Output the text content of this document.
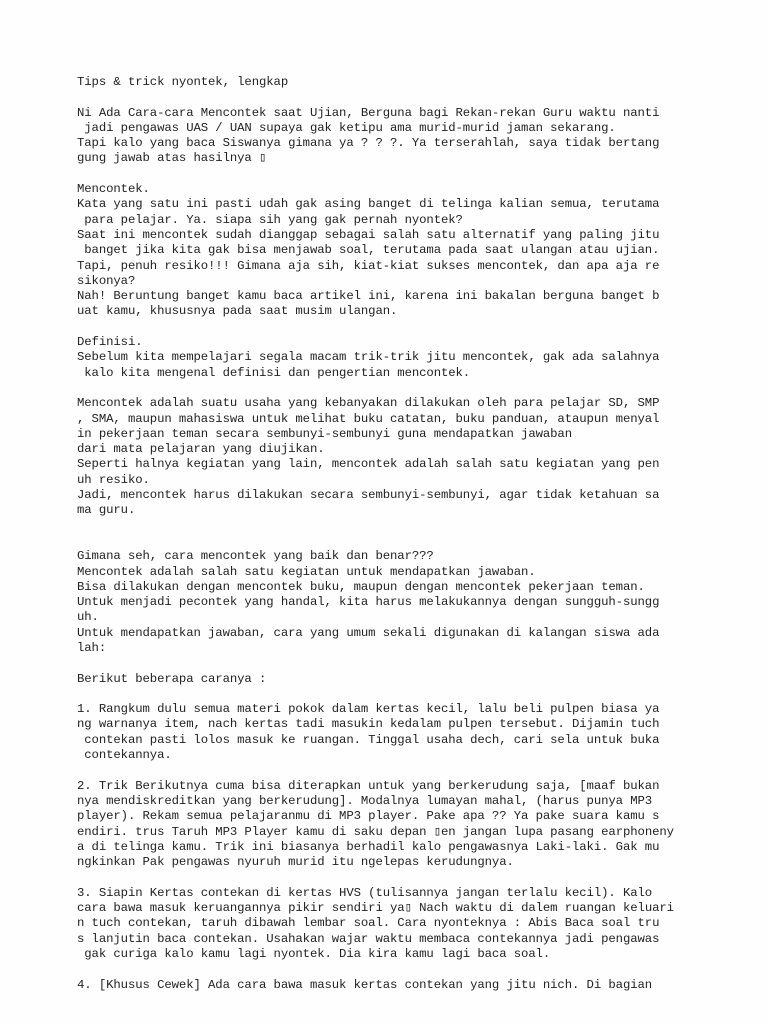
Tips & trick nyontek, lengkap
Ni Ada Cara-cara Mencontek saat Ujian, Berguna bagi Rekan-rekan Guru waktu nanti
jadi pengawas UAS / UAN supaya gak ketipu ama murid-murid jaman sekarang.
Tapi kalo yang baca Siswanya gimana ya ? ? ?. Ya terserahlah, saya tidak bertang
gung jawab atas hasilnya ▯
Mencontek.
Kata yang satu ini pasti udah gak asing banget di telinga kalian semua, terutama
para pelajar. Ya. siapa sih yang gak pernah nyontek?
Saat ini mencontek sudah dianggap sebagai salah satu alternatif yang paling jitu
banget jika kita gak bisa menjawab soal, terutama pada saat ulangan atau ujian.
Tapi, penuh resiko!!! Gimana aja sih, kiat-kiat sukses mencontek, dan apa aja re
sikonya?
Nah! Beruntung banget kamu baca artikel ini, karena ini bakalan berguna banget b
uat kamu, khususnya pada saat musim ulangan.
Definisi.
Sebelum kita mempelajari segala macam trik-trik jitu mencontek, gak ada salahnya
kalo kita mengenal definisi dan pengertian mencontek.
Mencontek adalah suatu usaha yang kebanyakan dilakukan oleh para pelajar SD, SMP
, SMA, maupun mahasiswa untuk melihat buku catatan, buku panduan, ataupun menyal
in pekerjaan teman secara sembunyi-sembunyi guna mendapatkan jawaban
dari mata pelajaran yang diujikan.
Seperti halnya kegiatan yang lain, mencontek adalah salah satu kegiatan yang pen
uh resiko.
Jadi, mencontek harus dilakukan secara sembunyi-sembunyi, agar tidak ketahuan sa
ma guru.
Gimana seh, cara mencontek yang baik dan benar???
Mencontek adalah salah satu kegiatan untuk mendapatkan jawaban.
Bisa dilakukan dengan mencontek buku, maupun dengan mencontek pekerjaan teman.
Untuk menjadi pecontek yang handal, kita harus melakukannya dengan sungguh-sungg
uh.
Untuk mendapatkan jawaban, cara yang umum sekali digunakan di kalangan siswa ada
lah:
Berikut beberapa caranya :
1. Rangkum dulu semua materi pokok dalam kertas kecil, lalu beli pulpen biasa ya
ng warnanya item, nach kertas tadi masukin kedalam pulpen tersebut. Dijamin tuch
contekan pasti lolos masuk ke ruangan. Tinggal usaha dech, cari sela untuk buka
contekannya.
2. Trik Berikutnya cuma bisa diterapkan untuk yang berkerudung saja, [maaf bukan
nya mendiskreditkan yang berkerudung]. Modalnya lumayan mahal, (harus punya MP3
player). Rekam semua pelajaranmu di MP3 player. Pake apa ?? Ya pake suara kamu s
endiri. trus Taruh MP3 Player kamu di saku depan ▯en jangan lupa pasang earphoneny
a di telinga kamu. Trik ini biasanya berhadil kalo pengawasnya Laki-laki. Gak mu
ngkinkan Pak pengawas nyuruh murid itu ngelepas kerudungnya.
3. Siapin Kertas contekan di kertas HVS (tulisannya jangan terlalu kecil). Kalo
cara bawa masuk keruangannya pikir sendiri ya▯ Nach waktu di dalem ruangan keluari
n tuch contekan, taruh dibawah lembar soal. Cara nyonteknya : Abis Baca soal tru
s lanjutin baca contekan. Usahakan wajar waktu membaca contekannya jadi pengawas
gak curiga kalo kamu lagi nyontek. Dia kira kamu lagi baca soal.
4. [Khusus Cewek] Ada cara bawa masuk kertas contekan yang jitu nich. Di bagian
